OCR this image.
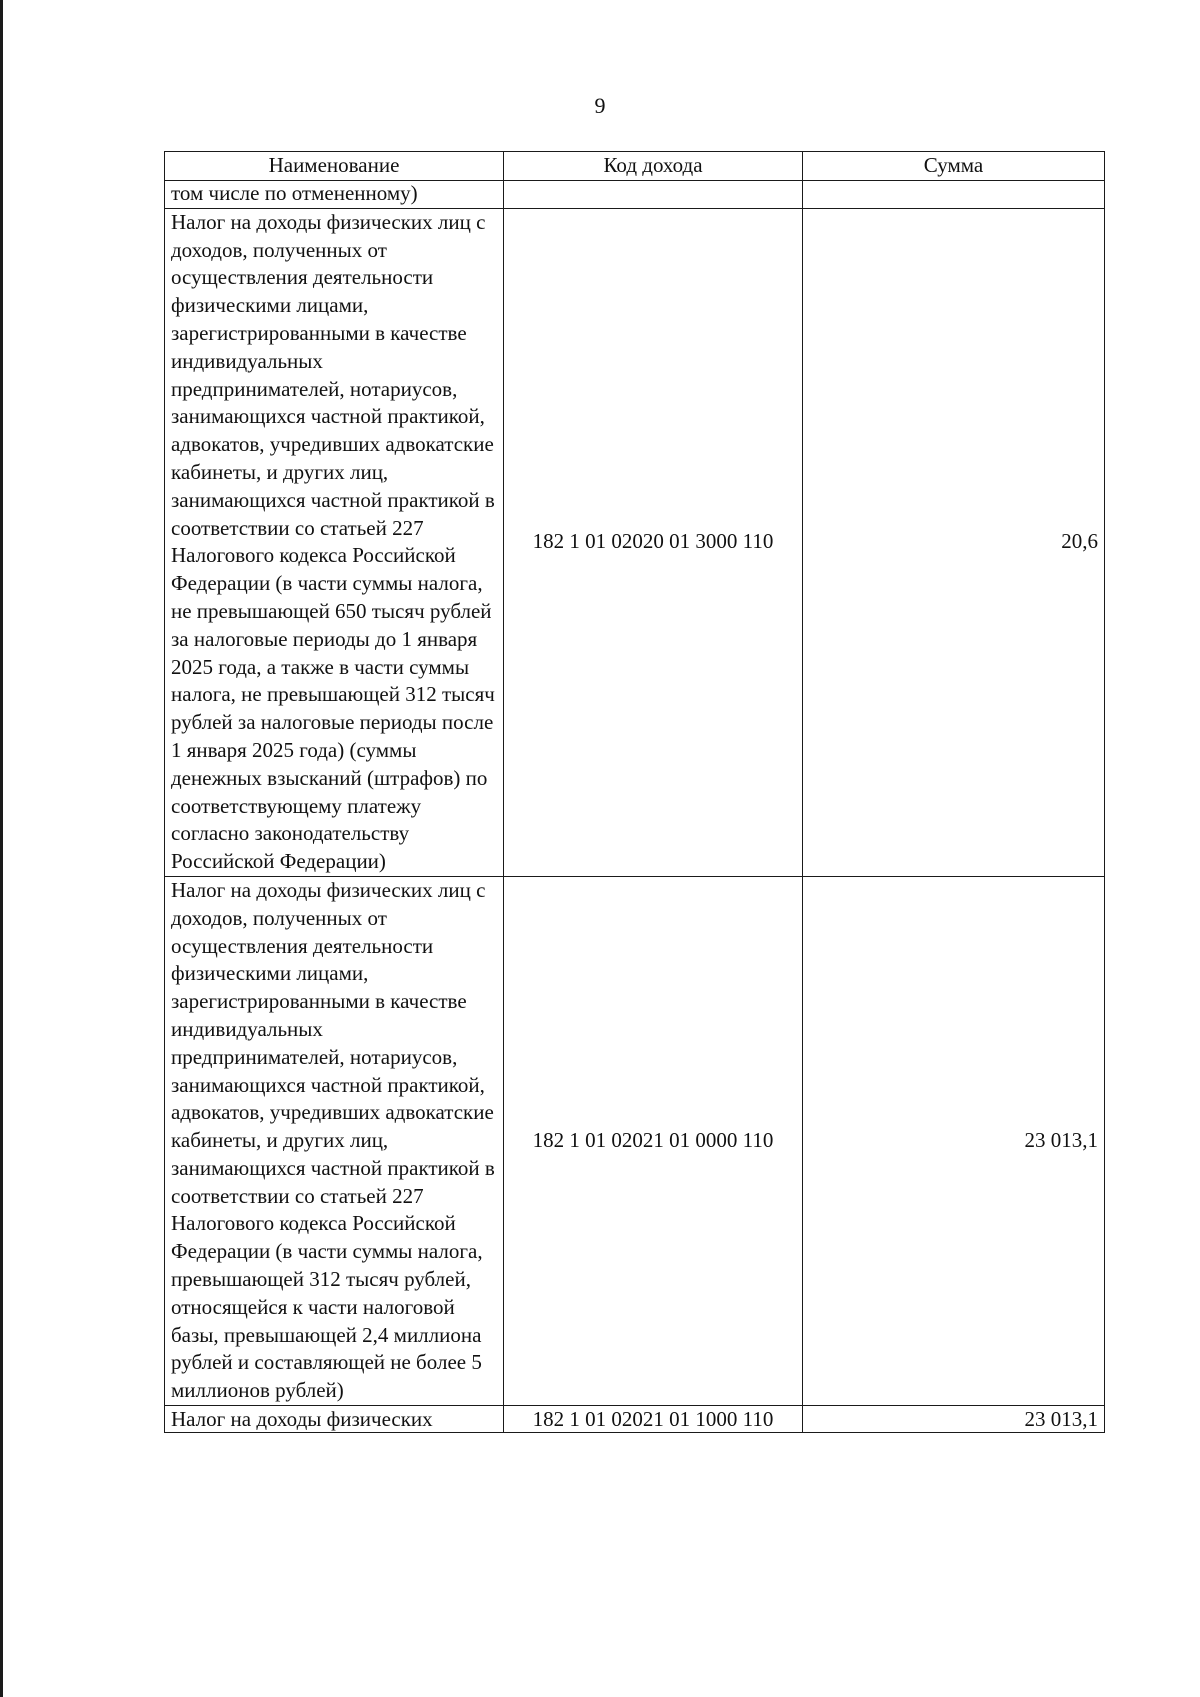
9
Наименование	Код дохода	Сумма
том числе по отмененному)		
Налог на доходы физических лиц с доходов, полученных от осуществления деятельности физическими лицами, зарегистрированными в качестве индивидуальных предпринимателей, нотариусов, занимающихся частной практикой, адвокатов, учредивших адвокатские кабинеты, и других лиц, занимающихся частной практикой в соответствии со статьей 227 Налогового кодекса Российской Федерации (в части суммы налога, не превышающей 650 тысяч рублей за налоговые периоды до 1 января 2025 года, а также в части суммы налога, не превышающей 312 тысяч рублей за налоговые периоды после 1 января 2025 года) (суммы денежных взысканий (штрафов) по соответствующему платежу согласно законодательству Российской Федерации)	182 1 01 02020 01 3000 110	20,6
Налог на доходы физических лиц с доходов, полученных от осуществления деятельности физическими лицами, зарегистрированными в качестве индивидуальных предпринимателей, нотариусов, занимающихся частной практикой, адвокатов, учредивших адвокатские кабинеты, и других лиц, занимающихся частной практикой в соответствии со статьей 227 Налогового кодекса Российской Федерации (в части суммы налога, превышающей 312 тысяч рублей, относящейся к части налоговой базы, превышающей 2,4 миллиона рублей и составляющей не более 5 миллионов рублей)	182 1 01 02021 01 0000 110	23 013,1
Налог на доходы физических	182 1 01 02021 01 1000 110	23 013,1
